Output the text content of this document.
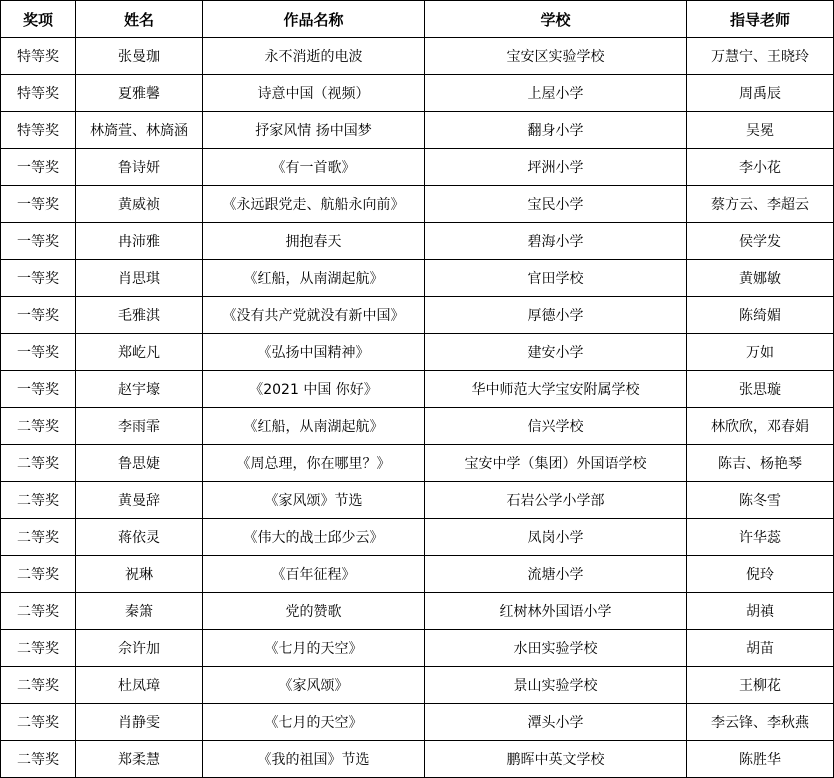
奖项	姓名	作品名称	学校	指导老师
特等奖	张曼珈	永不消逝的电波	宝安区实验学校	万慧宁、王晓玲
特等奖	夏雅馨	诗意中国（视频）	上屋小学	周禹辰
特等奖	林旖萱、林旖涵	抒家风情 扬中国梦	翻身小学	吴冕
一等奖	鲁诗妍	《有一首歌》	坪洲小学	李小花
一等奖	黄威祯	《永远跟党走、航船永向前》	宝民小学	蔡方云、李超云
一等奖	冉沛雅	拥抱春天	碧海小学	侯学发
一等奖	肖思琪	《红船，从南湖起航》	官田学校	黄娜敏
一等奖	毛雅淇	《没有共产党就没有新中国》	厚德小学	陈绮媚
一等奖	郑屹凡	《弘扬中国精神》	建安小学	万如
一等奖	赵宇壕	《2021 中国 你好》	华中师范大学宝安附属学校	张思璇
二等奖	李雨霏	《红船，从南湖起航》	信兴学校	林欣欣，邓春娟
二等奖	鲁思婕	《周总理，你在哪里？》	宝安中学（集团）外国语学校	陈吉、杨艳琴
二等奖	黄曼辞	《家风颂》节选	石岩公学小学部	陈冬雪
二等奖	蒋依灵	《伟大的战士邱少云》	凤岗小学	许华蕊
二等奖	祝琳	《百年征程》	流塘小学	倪玲
二等奖	秦箫	党的赞歌	红树林外国语小学	胡禛
二等奖	佘许加	《七月的天空》	水田实验学校	胡苗
二等奖	杜凤璋	《家风颂》	景山实验学校	王柳花
二等奖	肖静雯	《七月的天空》	潭头小学	李云锋、李秋燕
二等奖	郑柔慧	《我的祖国》节选	鹏晖中英文学校	陈胜华
